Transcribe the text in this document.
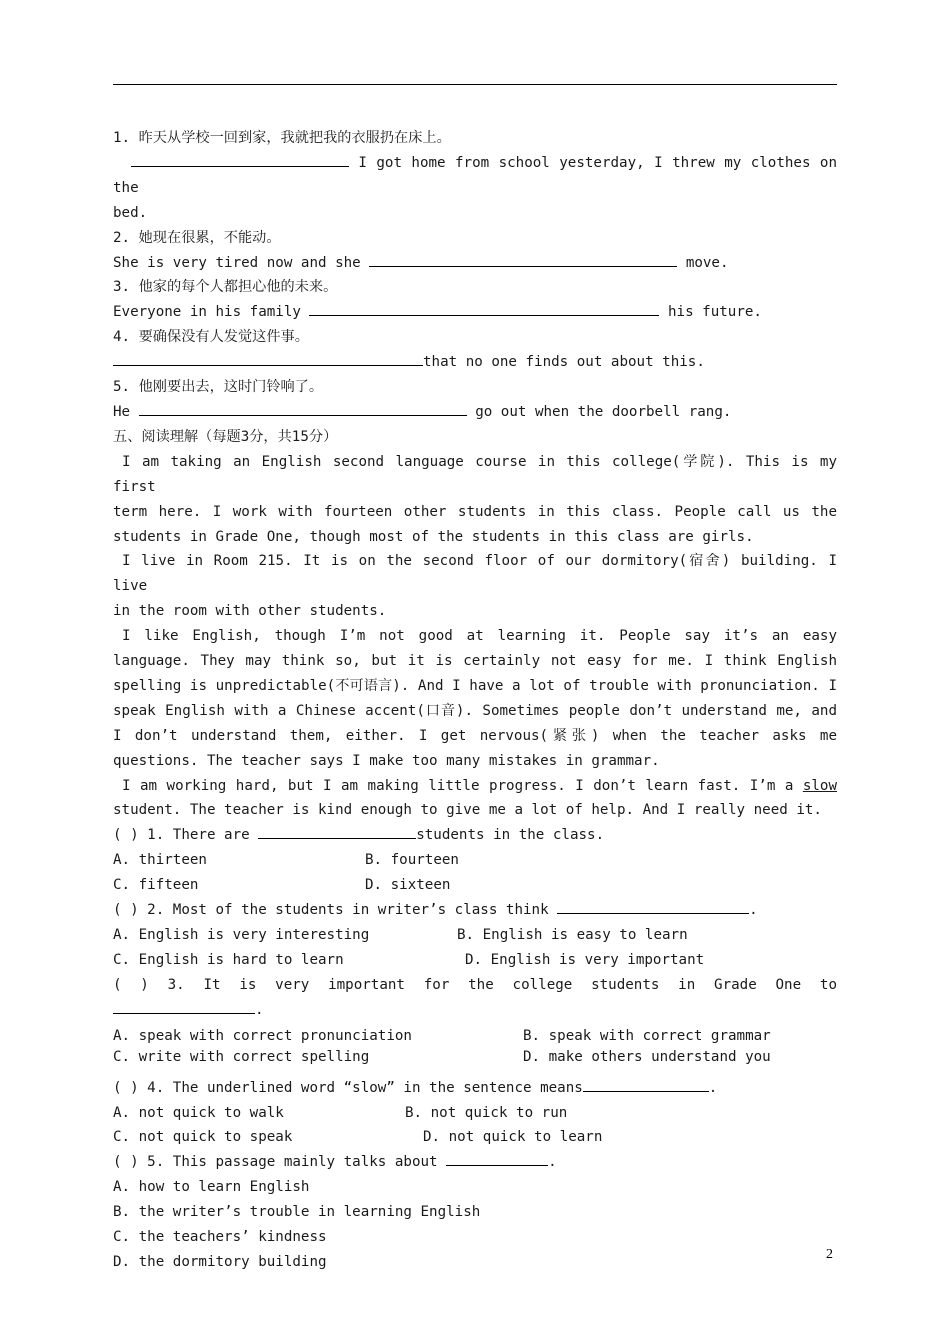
1. 昨天从学校一回到家，我就把我的衣服扔在床上。

I got home from school yesterday, I threw my clothes on the

bed.

2. 她现在很累，不能动。

She is very tired now and she	move.

3. 他家的每个人都担心他的未来。

Everyone in his family	his future.

4. 要确保没有人发觉这件事。

that no one finds out about this.

5. 他刚要出去，这时门铃响了。

He	go out when the doorbell rang.

五、阅读理解（每题3分，共15分）

I am taking an English second language course in this college(学院). This is my first

term here. I work with fourteen other students in this class. People call us the

students in Grade One, though most of the students in this class are girls.

I live in Room 215. It is on the second floor of our dormitory(宿舍) building. I live

in the room with other students.

I like English, though I’m not good at learning it. People say it’s an easy

language. They may think so, but it is certainly not easy for me. I think English

spelling is unpredictable(不可语言). And I have a lot of trouble with pronunciation. I

speak English with a Chinese accent(口音). Sometimes people don’t understand me, and

I don’t understand them, either. I get nervous(紧张) when the teacher asks me

questions. The teacher says I make too many mistakes in grammar.

I am working hard, but I am making little progress. I don’t learn fast. I’m a slow

student. The teacher is kind enough to give me a lot of help. And I really need it.

( ) 1. There are	students in the class.

A. thirteen	B. fourteen

C. fifteen	D. sixteen

( ) 2. Most of the students in writer’s class think	.

A. English is very interesting	B. English is easy to learn

C. English is hard to learn	D. English is very important

( ) 3. It is very important for the college students in Grade One to

.

A. speak with correct pronunciation	B. speak with correct grammar

C. write with correct spelling	D. make others understand you

( ) 4. The underlined word “slow” in the sentence means	.

A. not quick to walk	B. not quick to run

C. not quick to speak	D. not quick to learn

( ) 5. This passage mainly talks about	.

A. how to learn English

B. the writer’s trouble in learning English

C. the teachers’ kindness

D. the dormitory building	2
